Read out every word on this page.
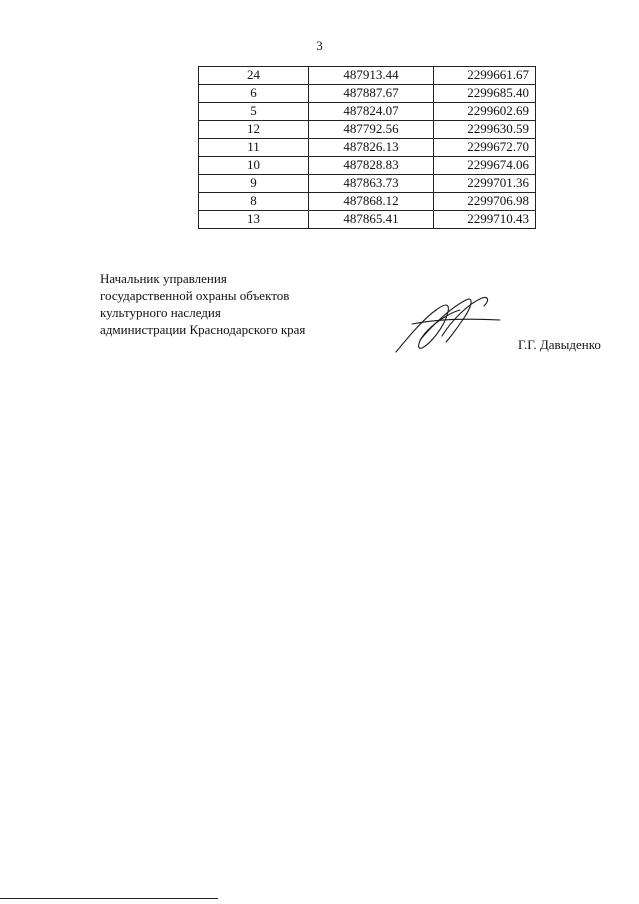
3
24	487913.44	2299661.67
6	487887.67	2299685.40
5	487824.07	2299602.69
12	487792.56	2299630.59
11	487826.13	2299672.70
10	487828.83	2299674.06
9	487863.73	2299701.36
8	487868.12	2299706.98
13	487865.41	2299710.43
Начальник управления
государственной охраны объектов
культурного наследия
администрации Краснодарского края
Г.Г. Давыденко
